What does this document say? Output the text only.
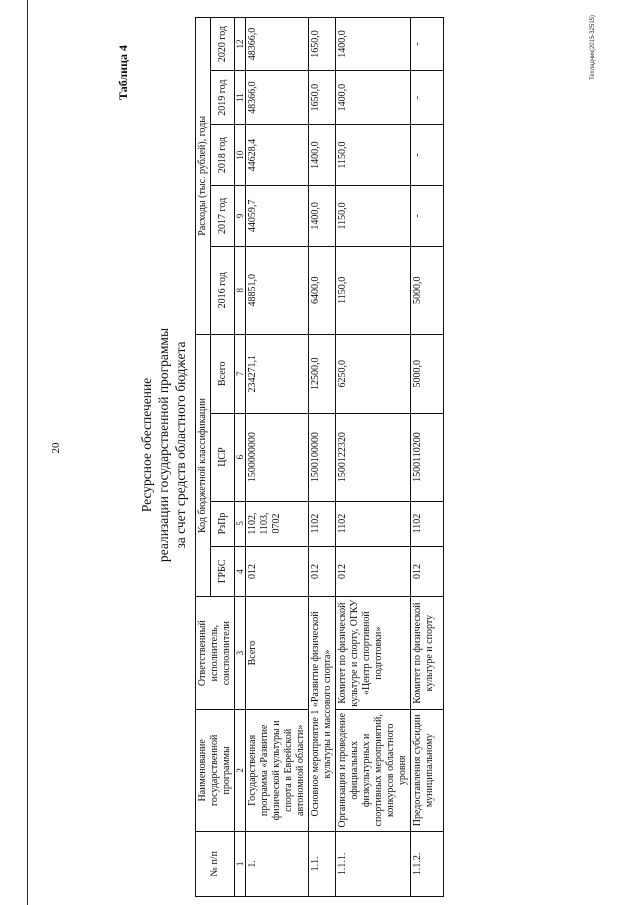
20
Таблица 4
Ресурсное обеспечение реализации государственной программы за счет средств областного бюджета
№ п/п	Наименование государственной программы	Ответственный исполнитель, соисполнители	Код бюджетной классификации				Расходы (тыс. рублей), годы				
			ГРБС	РзПр	ЦСР	Всего	2016 год	2017 год	2018 год	2019 год	2020 год

1	2	3	4	5	6	7	8	9	10	11	12
1.	Государственная программа «Развитие физической культуры и спорта в Еврейской автономной области»	Всего	012	1102, 1103, 0702	1500000000	234271,1	48851,0	44059,7	44628,4	48366,0	48366,0
1.1.	Основное мероприятие 1 «Развитие физической культуры и массового спорта»		012	1102	1500100000	12500,0	6400,0	1400,0	1400,0	1650,0	1650,0
1.1.1.	Организация и проведение официальных физкультурных и спортивных мероприятий, конкурсов областного уровня	Комитет по физической культуре и спорту, ОГКУ «Центр спортивной подготовки»	012	1102	1500122320	6250,0	1150,0	1150,0	1150,0	1400,0	1400,0
1.1.2.	Предоставления субсидии муниципальному	Комитет по физической культуре и спорту	012	1102	1500110200	5000,0	5000,0	-	-	-	-	Техладчик(2015-32515)
